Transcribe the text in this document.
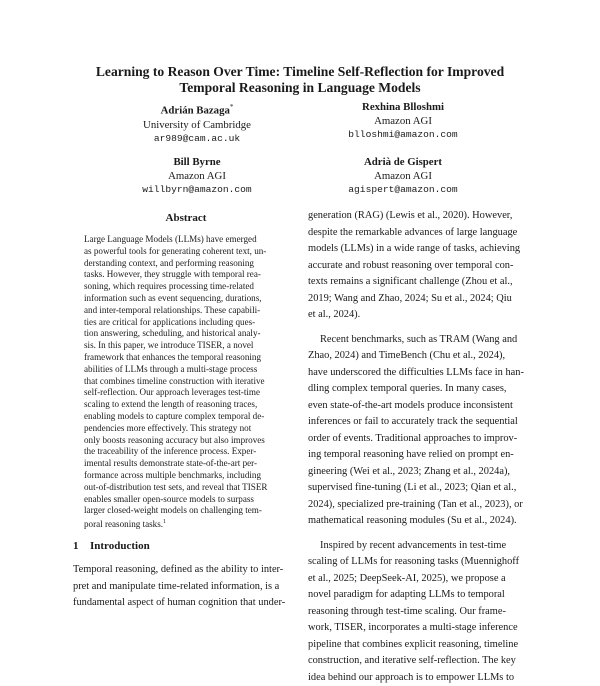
Learning to Reason Over Time: Timeline Self-Reflection for Improved
Temporal Reasoning in Language Models
Adrián Bazaga*
University of Cambridge
ar989@cam.ac.uk
Rexhina Blloshmi
Amazon AGI
blloshmi@amazon.com
Bill Byrne
Amazon AGI
willbyrn@amazon.com
Adrià de Gispert
Amazon AGI
agispert@amazon.com
Abstract
Large Language Models (LLMs) have emerged
as powerful tools for generating coherent text, un-
derstanding context, and performing reasoning
tasks. However, they struggle with temporal rea-
soning, which requires processing time-related
information such as event sequencing, durations,
and inter-temporal relationships. These capabili-
ties are critical for applications including ques-
tion answering, scheduling, and historical analy-
sis. In this paper, we introduce TISER, a novel
framework that enhances the temporal reasoning
abilities of LLMs through a multi-stage process
that combines timeline construction with iterative
self-reflection. Our approach leverages test-time
scaling to extend the length of reasoning traces,
enabling models to capture complex temporal de-
pendencies more effectively. This strategy not
only boosts reasoning accuracy but also improves
the traceability of the inference process. Exper-
imental results demonstrate state-of-the-art per-
formance across multiple benchmarks, including
out-of-distribution test sets, and reveal that TISER
enables smaller open-source models to surpass
larger closed-weight models on challenging tem-
poral reasoning tasks.$^1$
1 Introduction
Temporal reasoning, defined as the ability to inter-
pret and manipulate time-related information, is a
fundamental aspect of human cognition that under-
generation (RAG) (Lewis et al., 2020). However,
despite the remarkable advances of large language
models (LLMs) in a wide range of tasks, achieving
accurate and robust reasoning over temporal con-
texts remains a significant challenge (Zhou et al.,
2019; Wang and Zhao, 2024; Su et al., 2024; Qiu
et al., 2024).
Recent benchmarks, such as TRAM (Wang and
Zhao, 2024) and TimeBench (Chu et al., 2024),
have underscored the difficulties LLMs face in han-
dling complex temporal queries. In many cases,
even state-of-the-art models produce inconsistent
inferences or fail to accurately track the sequential
order of events. Traditional approaches to improv-
ing temporal reasoning have relied on prompt en-
gineering (Wei et al., 2023; Zhang et al., 2024a),
supervised fine-tuning (Li et al., 2023; Qian et al.,
2024), specialized pre-training (Tan et al., 2023), or
mathematical reasoning modules (Su et al., 2024).
Inspired by recent advancements in test-time
scaling of LLMs for reasoning tasks (Muennighoff
et al., 2025; DeepSeek-AI, 2025), we propose a
novel paradigm for adapting LLMs to temporal
reasoning through test-time scaling. Our frame-
work, TISER, incorporates a multi-stage inference
pipeline that combines explicit reasoning, timeline
construction, and iterative self-reflection. The key
idea behind our approach is to empower LLMs to
